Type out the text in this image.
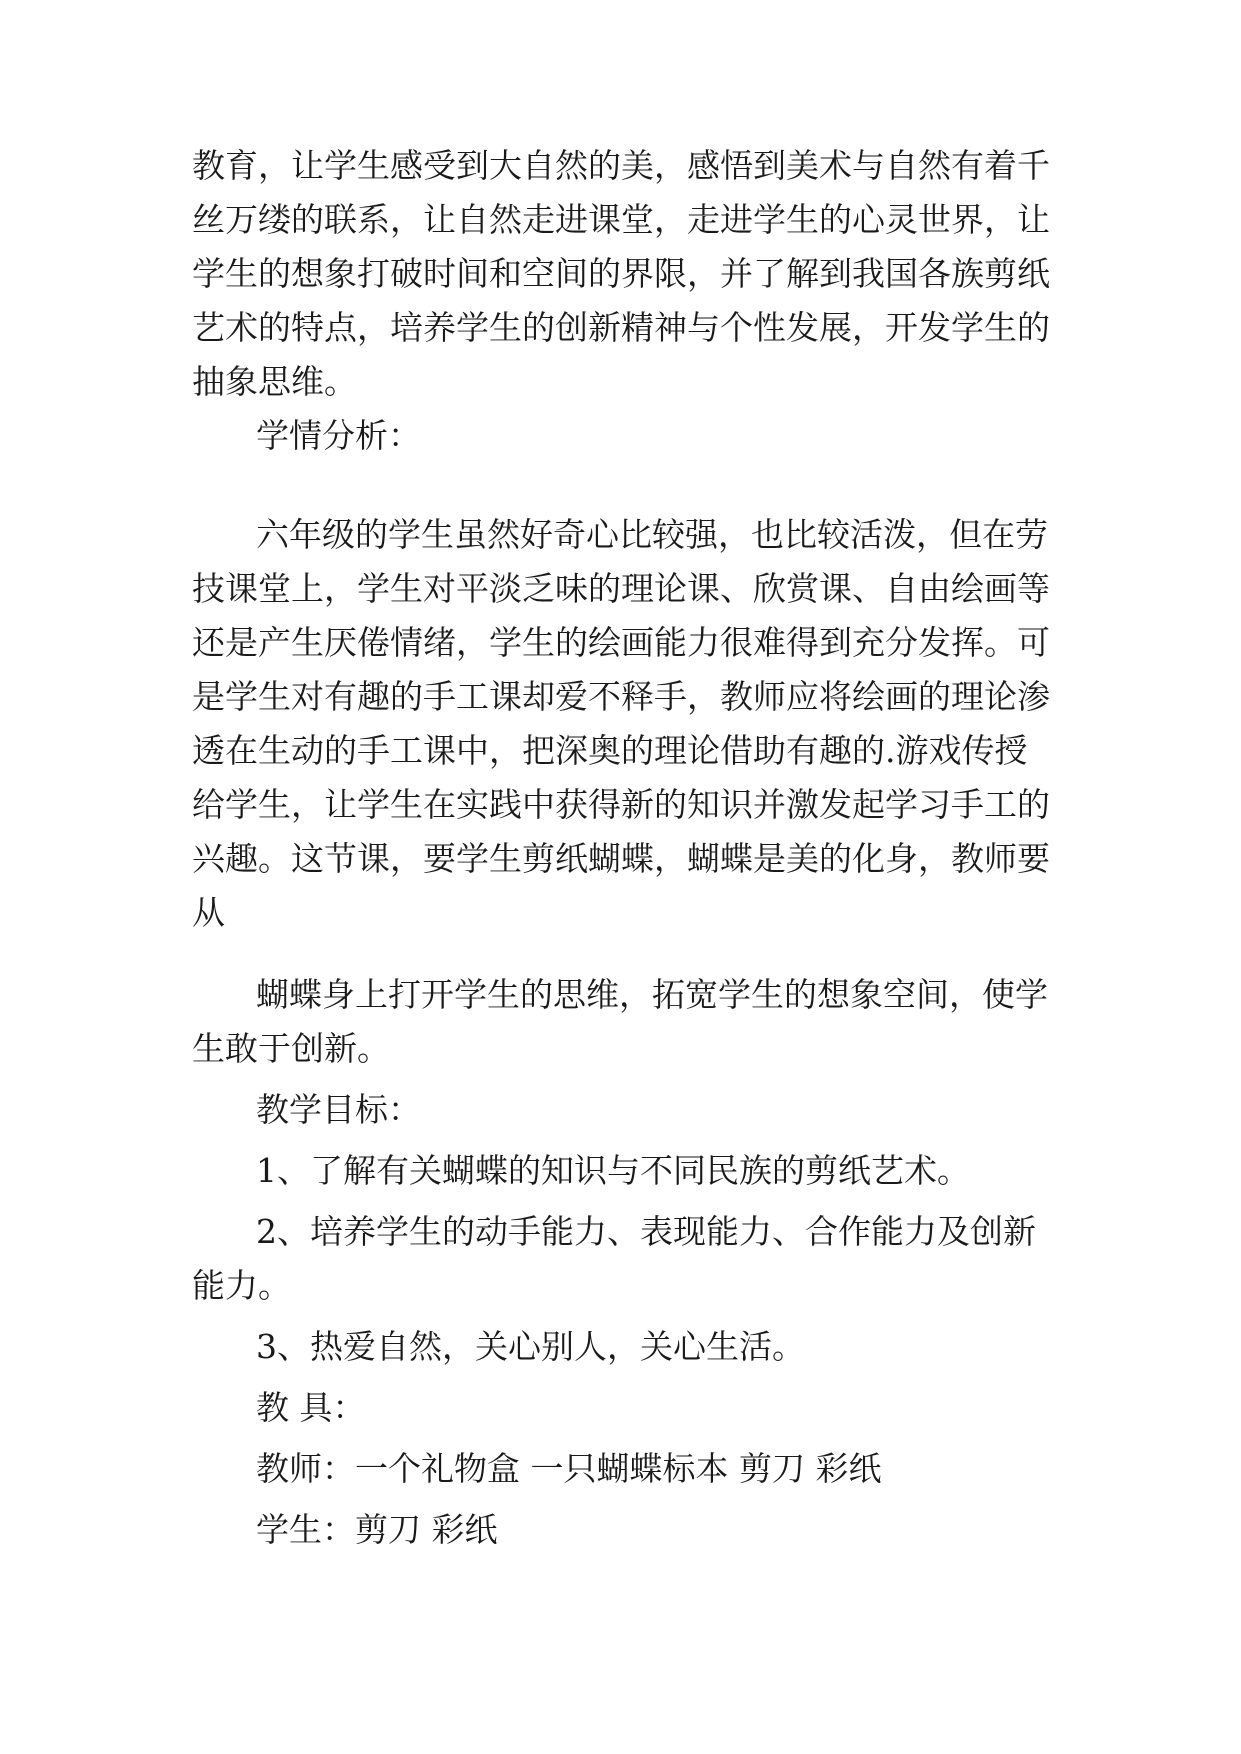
教育，让学生感受到大自然的美，感悟到美术与自然有着千

丝万缕的联系，让自然走进课堂，走进学生的心灵世界，让

学生的想象打破时间和空间的界限，并了解到我国各族剪纸

艺术的特点，培养学生的创新精神与个性发展，开发学生的

抽象思维。

学情分析：

六年级的学生虽然好奇心比较强，也比较活泼，但在劳

技课堂上，学生对平淡乏味的理论课、欣赏课、自由绘画等

还是产生厌倦情绪，学生的绘画能力很难得到充分发挥。可

是学生对有趣的手工课却爱不释手，教师应将绘画的理论渗

透在生动的手工课中，把深奥的理论借助有趣的.游戏传授

给学生，让学生在实践中获得新的知识并激发起学习手工的

兴趣。这节课，要学生剪纸蝴蝶，蝴蝶是美的化身，教师要

从

蝴蝶身上打开学生的思维，拓宽学生的想象空间，使学

生敢于创新。

教学目标：

1、了解有关蝴蝶的知识与不同民族的剪纸艺术。

2、培养学生的动手能力、表现能力、合作能力及创新

能力。

3、热爱自然，关心别人，关心生活。

教 具：

教师：一个礼物盒 一只蝴蝶标本 剪刀 彩纸

学生：剪刀 彩纸
